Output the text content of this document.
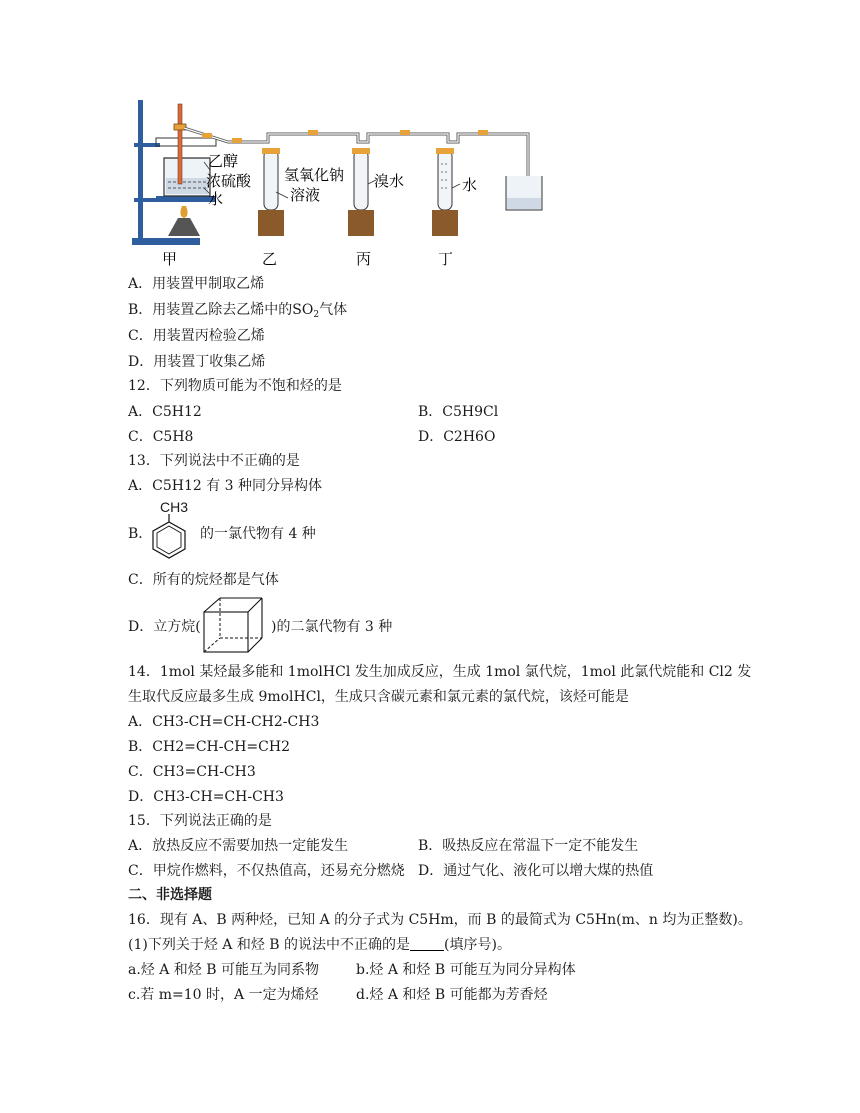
乙醇
浓硫酸
水
氢氧化钠
溶液
溴水	水
甲	乙	丙	丁
A．用装置甲制取乙烯
B．用装置乙除去乙烯中的$SO_2$气体
C．用装置丙检验乙烯
D．用装置丁收集乙烯
12．下列物质可能为不饱和烃的是
A．C5H12	B．C5H9Cl
C．C5H8	D．C2H6O
13．下列说法中不正确的是
A．C5H12 有 3 种同分异构体
B．
CH3
的一氯代物有 4 种
C．所有的烷烃都是气体
D．立方烷(	)的二氯代物有 3 种
14．1mol 某烃最多能和 1molHCl 发生加成反应，生成 1mol 氯代烷，1mol 此氯代烷能和 Cl2 发
生取代反应最多生成 9molHCl，生成只含碳元素和氯元素的氯代烷，该烃可能是
A．CH3-CH=CH-CH2-CH3
B．CH2=CH-CH=CH2
C．CH3=CH-CH3
D．CH3-CH=CH-CH3
15．下列说法正确的是
A．放热反应不需要加热一定能发生	B．吸热反应在常温下一定不能发生
C．甲烷作燃料，不仅热值高，还易充分燃烧 D．通过气化、液化可以增大煤的热值
二、非选择题
16．现有 A、B 两种烃，已知 A 的分子式为 C5Hm，而 B 的最简式为 C5Hn(m、n 均为正整数)。
(1)下列关于烃 A 和烃 B 的说法中不正确的是 (填序号)。
a.烃 A 和烃 B 可能互为同系物	b.烃 A 和烃 B 可能互为同分异构体
c.若 m=10 时，A 一定为烯烃	d.烃 A 和烃 B 可能都为芳香烃
